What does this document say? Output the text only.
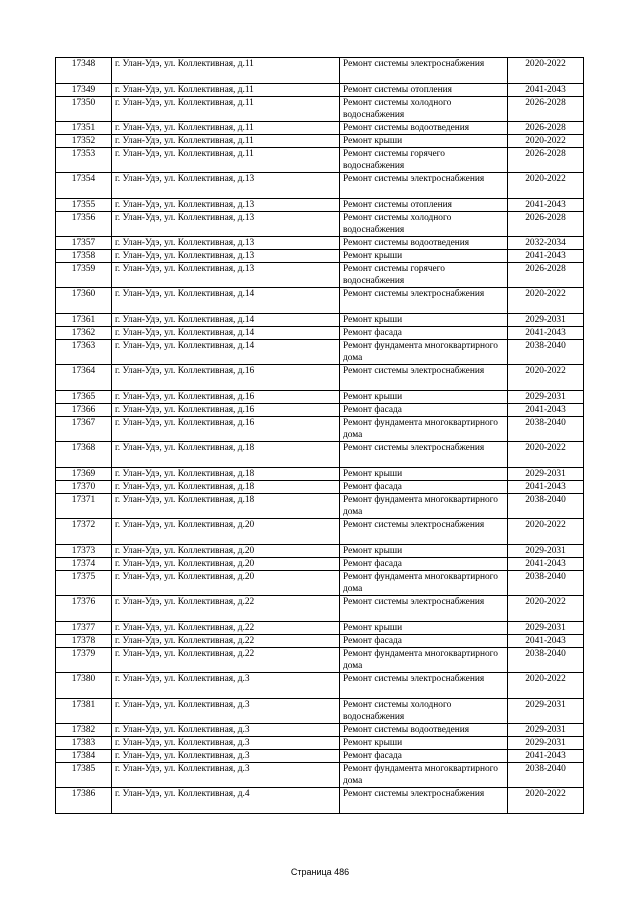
17348	г. Улан-Удэ, ул. Коллективная, д.11	Ремонт системы электроснабжения	2020-2022
17349	г. Улан-Удэ, ул. Коллективная, д.11	Ремонт системы отопления	2041-2043
17350	г. Улан-Удэ, ул. Коллективная, д.11	Ремонт системы холодного водоснабжения	2026-2028
17351	г. Улан-Удэ, ул. Коллективная, д.11	Ремонт системы водоотведения	2026-2028
17352	г. Улан-Удэ, ул. Коллективная, д.11	Ремонт крыши	2020-2022
17353	г. Улан-Удэ, ул. Коллективная, д.11	Ремонт системы горячего водоснабжения	2026-2028
17354	г. Улан-Удэ, ул. Коллективная, д.13	Ремонт системы электроснабжения	2020-2022
17355	г. Улан-Удэ, ул. Коллективная, д.13	Ремонт системы отопления	2041-2043
17356	г. Улан-Удэ, ул. Коллективная, д.13	Ремонт системы холодного водоснабжения	2026-2028
17357	г. Улан-Удэ, ул. Коллективная, д.13	Ремонт системы водоотведения	2032-2034
17358	г. Улан-Удэ, ул. Коллективная, д.13	Ремонт крыши	2041-2043
17359	г. Улан-Удэ, ул. Коллективная, д.13	Ремонт системы горячего водоснабжения	2026-2028
17360	г. Улан-Удэ, ул. Коллективная, д.14	Ремонт системы электроснабжения	2020-2022
17361	г. Улан-Удэ, ул. Коллективная, д.14	Ремонт крыши	2029-2031
17362	г. Улан-Удэ, ул. Коллективная, д.14	Ремонт фасада	2041-2043
17363	г. Улан-Удэ, ул. Коллективная, д.14	Ремонт фундамента многоквартирного дома	2038-2040
17364	г. Улан-Удэ, ул. Коллективная, д.16	Ремонт системы электроснабжения	2020-2022
17365	г. Улан-Удэ, ул. Коллективная, д.16	Ремонт крыши	2029-2031
17366	г. Улан-Удэ, ул. Коллективная, д.16	Ремонт фасада	2041-2043
17367	г. Улан-Удэ, ул. Коллективная, д.16	Ремонт фундамента многоквартирного дома	2038-2040
17368	г. Улан-Удэ, ул. Коллективная, д.18	Ремонт системы электроснабжения	2020-2022
17369	г. Улан-Удэ, ул. Коллективная, д.18	Ремонт крыши	2029-2031
17370	г. Улан-Удэ, ул. Коллективная, д.18	Ремонт фасада	2041-2043
17371	г. Улан-Удэ, ул. Коллективная, д.18	Ремонт фундамента многоквартирного дома	2038-2040
17372	г. Улан-Удэ, ул. Коллективная, д.20	Ремонт системы электроснабжения	2020-2022
17373	г. Улан-Удэ, ул. Коллективная, д.20	Ремонт крыши	2029-2031
17374	г. Улан-Удэ, ул. Коллективная, д.20	Ремонт фасада	2041-2043
17375	г. Улан-Удэ, ул. Коллективная, д.20	Ремонт фундамента многоквартирного дома	2038-2040
17376	г. Улан-Удэ, ул. Коллективная, д.22	Ремонт системы электроснабжения	2020-2022
17377	г. Улан-Удэ, ул. Коллективная, д.22	Ремонт крыши	2029-2031
17378	г. Улан-Удэ, ул. Коллективная, д.22	Ремонт фасада	2041-2043
17379	г. Улан-Удэ, ул. Коллективная, д.22	Ремонт фундамента многоквартирного дома	2038-2040
17380	г. Улан-Удэ, ул. Коллективная, д.3	Ремонт системы электроснабжения	2020-2022
17381	г. Улан-Удэ, ул. Коллективная, д.3	Ремонт системы холодного водоснабжения	2029-2031
17382	г. Улан-Удэ, ул. Коллективная, д.3	Ремонт системы водоотведения	2029-2031
17383	г. Улан-Удэ, ул. Коллективная, д.3	Ремонт крыши	2029-2031
17384	г. Улан-Удэ, ул. Коллективная, д.3	Ремонт фасада	2041-2043
17385	г. Улан-Удэ, ул. Коллективная, д.3	Ремонт фундамента многоквартирного дома	2038-2040
17386	г. Улан-Удэ, ул. Коллективная, д.4	Ремонт системы электроснабжения	2020-2022
Страница 486
